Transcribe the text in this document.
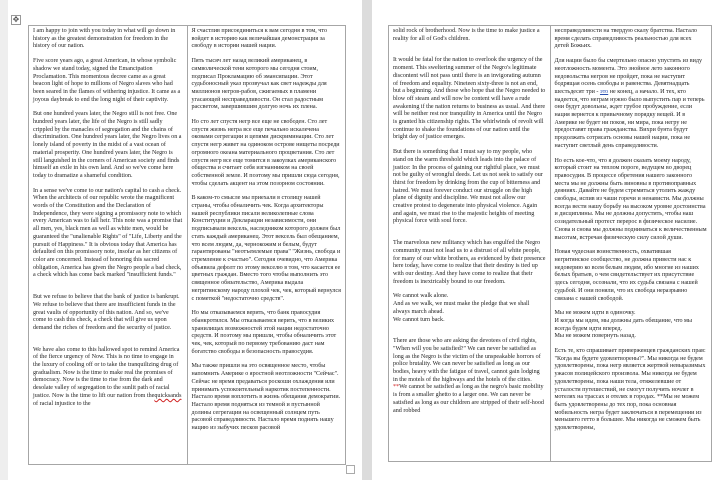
✥

I am happy to join with you today in what will go down in history as the greatest demonstration for freedom in the history of our nation.

Five score years ago, a great American, in whose symbolic shadow we stand today, signed the Emancipation Proclamation. This momentous decree came as a great beacon light of hope to millions of Negro slaves who had been seared in the flames of withering injustice. It came as a joyous daybreak to end the long night of their captivity.

But one hundred years later, the Negro still is not free. One hundred years later, the life of the Negro is still sadly crippled by the manacles of segregation and the chains of discrimination. One hundred years later, the Negro lives on a lonely island of poverty in the midst of a vast ocean of material prosperity. One hundred years later, the Negro is still languished in the corners of American society and finds himself an exile in his own land. And so we've come here today to dramatize a shameful condition.

In a sense we've come to our nation's capital to cash a check. When the architects of our republic wrote the magnificent words of the Constitution and the Declaration of Independence, they were signing a promissory note to which every American was to fall heir. This note was a promise that all men, yes, black men as well as white men, would be guaranteed the "unalienable Rights" of "Life, Liberty and the pursuit of Happiness." It is obvious today that America has defaulted on this promissory note, insofar as her citizens of color are concerned. Instead of honoring this sacred obligation, America has given the Negro people a bad check, a check which has come back marked "insufficient funds."

But we refuse to believe that the bank of justice is bankrupt. We refuse to believe that there are insufficient funds in the great vaults of opportunity of this nation. And so, we've come to cash this check, a check that will give us upon demand the riches of freedom and the security of justice.

We have also come to this hallowed spot to remind America of the fierce urgency of Now. This is no time to engage in the luxury of cooling off or to take the tranquilizing drug of gradualism. Now is the time to make real the promises of democracy. Now is the time to rise from the dark and desolate valley of segregation to the sunlit path of racial justice. Now is the time to lift our nation from thequicksands of racial injustice to the

Я счастлив присоединиться к вам сегодня в том, что войдет в историю как величайшая демонстрация за свободу в истории нашей нации.

Пять тысяч лет назад великий американец, в символической тени которого мы сегодня стоим, подписал Прокламацию об эмансипации. Этот судьбоносный указ прозвучал как свет надежды для миллионов негров-рабов, сжигаемых в пламени угасающей несправедливости. Он стал радостным рассветом, завершившим долгую ночь их плена.

Но сто лет спустя негр все еще не свободен. Сто лет спустя жизнь негра все еще печально искалечена оковами сегрегации и цепями дискриминации. Сто лет спустя негр живет на одиноком острове нищеты посреди огромного океана материального процветания. Сто лет спустя негр все еще томится в закоулках американского общества и считает себя изгнанником на своей собственной земле. И поэтому мы пришли сюда сегодня, чтобы сделать акцент на этом позорном состоянии.

В каком-то смысле мы приехали в столицу нашей страны, чтобы обналичить чек. Когда архитекторы нашей республики писали великолепные слова Конституции и Декларации независимости, они подписывали вексель, наследником которого должен был стать каждый американец. Этот вексель был обещанием, что всем людям, да, чернокожим и белым, будут гарантированы "неотъемлемые права" "Жизнь, свобода и стремление к счастью". Сегодня очевидно, что Америка объявила дефолт по этому векселю в том, что касается ее цветных граждан. Вместо того чтобы выполнить это священное обязательство, Америка выдала негритянскому народу плохой чек, чек, который вернулся с пометкой "недостаточно средств".

Но мы отказываемся верить, что банк правосудия обанкротился. Мы отказываемся верить, что в великих хранилищах возможностей этой нации недостаточно средств. И поэтому мы пришли, чтобы обналичить этот чек, чек, который по первому требованию даст нам богатство свободы и безопасность правосудия.

Мы также пришли на это освященное место, чтобы напомнить Америке о яростной неотложности "Сейчас". Сейчас не время предаваться роскоши охлаждения или принимать успокоительный наркотик постепенности.

Настало время воплотить в жизнь обещания демократии. Настало время подняться из темной и пустынной долины сегрегации на освещенный солнцем путь расовой справедливости. Настало время поднять нашу нацию из зыбучих песков расовой

solid rock of brotherhood. Now is the time to make justice a reality for all of God's children.

It would be fatal for the nation to overlook the urgency of the moment. This sweltering summer of the Negro's legitimate discontent will not pass until there is an invigorating autumn of freedom and equality. Nineteen sixty-three is not an end, but a beginning. And those who hope that the Negro needed to blow off steam and will now be content will have a rude awakening if the nation returns to business as usual. And there will be neither rest nor tranquility in America until the Negro is granted his citizenship rights. The whirlwinds of revolt will continue to shake the foundations of our nation until the bright day of justice emerges.

But there is something that I must say to my people, who stand on the warm threshold which leads into the palace of justice: In the process of gaining our rightful place, we must not be guilty of wrongful deeds. Let us not seek to satisfy our thirst for freedom by drinking from the cup of bitterness and hatred. We must forever conduct our struggle on the high plane of dignity and discipline. We must not allow our creative protest to degenerate into physical violence. Again and again, we must rise to the majestic heights of meeting physical force with soul force.

The marvelous new militancy which has engulfed the Negro community must not lead us to a distrust of all white people, for many of our white brothers, as evidenced by their presence here today, have come to realize that their destiny is tied up with our destiny. And they have come to realize that their freedom is inextricably bound to our freedom.

We cannot walk alone.

And as we walk, we must make the pledge that we shall always march ahead.

We cannot turn back.

There are those who are asking the devotees of civil rights, "When will you be satisfied?" We can never be satisfied as long as the Negro is the victim of the unspeakable horrors of police brutality. We can never be satisfied as long as our bodies, heavy with the fatigue of travel, cannot gain lodging in the motels of the highways and the hotels of the cities. **We cannot be satisfied as long as the negro's basic mobility is from a smaller ghetto to a larger one. We can never be satisfied as long as our children are stripped of their self-hood and robbed

несправедливости на твердую скалу братства. Настало время сделать справедливость реальностью для всех детей Божьих.

Для нации было бы смертельно опасно упустить из виду неотложность момента. Это знойное лето законного недовольства негров не пройдет, пока не наступит бодрящая осень свободы и равенства. Девятнадцать шестьдесят три - это не конец, а начало. И тех, кто надеется, что неграм нужно было выпустить пар и теперь они будут довольны, ждет грубое пробуждение, если нация вернется к привычному порядку вещей. И в Америке не будет ни покоя, ни мира, пока негру не предоставят права гражданства. Вихри бунта будут продолжать сотрясать основы нашей нации, пока не наступит светлый день справедливости.

Но есть кое-что, что я должен сказать моему народу, который стоит на теплом пороге, ведущем во дворец правосудия. В процессе обретения нашего законного места мы не должны быть виновны в противоправных деяниях. Давайте не будем стремиться утолить жажду свободы, испив из чаши горечи и ненависти. Мы должны всегда вести нашу борьбу на высоком уровне достоинства и дисциплины. Мы не должны допустить, чтобы наш созидательный протест перерос в физическое насилие. Снова и снова мы должны подниматься к величественным высотам, встречая физическую силу силой души.

Новая чудесная воинственность, охватившая негритянское сообщество, не должна привести нас к недоверию ко всем белым людям, ибо многие из наших белых братьев, о чем свидетельствует их присутствие здесь сегодня, осознали, что их судьба связана с нашей судьбой. И они поняли, что их свобода неразрывно связана с нашей свободой.

Мы не можем идти в одиночку.

И когда мы идем, мы должны дать обещание, что мы всегда будем идти вперед.

Мы не можем повернуть назад.

Есть те, кто спрашивает приверженцев гражданских прав: "Когда вы будете удовлетворены?". Мы никогда не будем удовлетворены, пока негр является жертвой невыразимых ужасов полицейского произвола. Мы никогда не будем удовлетворены, пока наши тела, отяжелевшие от усталости путешествий, не смогут получить ночлег в мотелях на трассах и отелях в городах. **Мы не можем быть удовлетворены до тех пор, пока основная мобильность негра будет заключаться в перемещении из меньшего гетто в большее. Мы никогда не сможем быть удовлетворены,
